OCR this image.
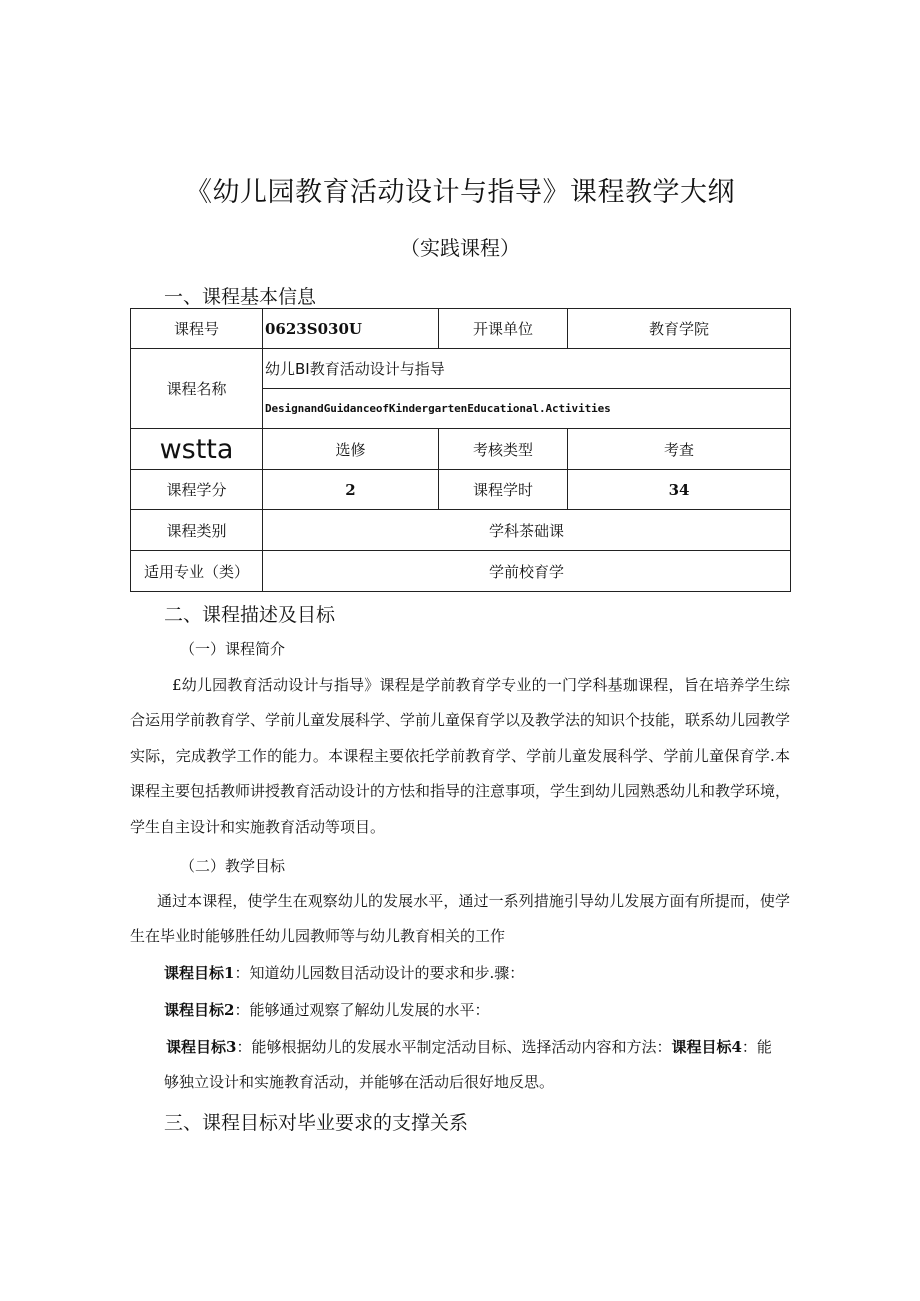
《幼儿园教育活动设计与指导》课程教学大纲
（实践课程）
一、课程基本信息
课程号	0623S030U	开课单位	教育学院
课程名称	幼儿BI教育活动设计与指导		
	DesignandGuidanceofKindergartenEducational.Activities		
wstta	选修	考核类型	考查
课程学分	2	课程学时	34
课程类别	学科茶础课		
适用专业（类）	学前校育学		
二、课程描述及目标
（一）课程简介
£幼儿园教育活动设计与指导》课程是学前教育学专业的一门学科基珈课程，旨在培养学生综合运用学前教育学、学前儿童发展科学、学前儿童保育学以及教学法的知识个技能，联系幼儿园教学实际，完成教学工作的能力。本课程主要依托学前教育学、学前儿童发展科学、学前儿童保育学.本课程主要包括教师讲授教育活动设计的方怯和指导的注意事项，学生到幼儿园熟悉幼儿和教学环境，学生自主设计和实施教育活动等项目。
（二）教学目标
通过本课程，使学生在观察幼儿的发展水平，通过一系列措施引导幼儿发展方面有所提而，使学生在毕业时能够胜任幼儿园教师等与幼儿教育相关的工作
课程目标1：知道幼儿园数目活动设计的要求和步.骤：
课程目标2：能够通过观察了解幼儿发展的水平：
课程目标3：能够根据幼儿的发展水平制定活动目标、选择活动内容和方法：课程目标4：能
够独立设计和实施教育活动，并能够在活动后很好地反思。
三、课程目标对毕业要求的支撑关系
